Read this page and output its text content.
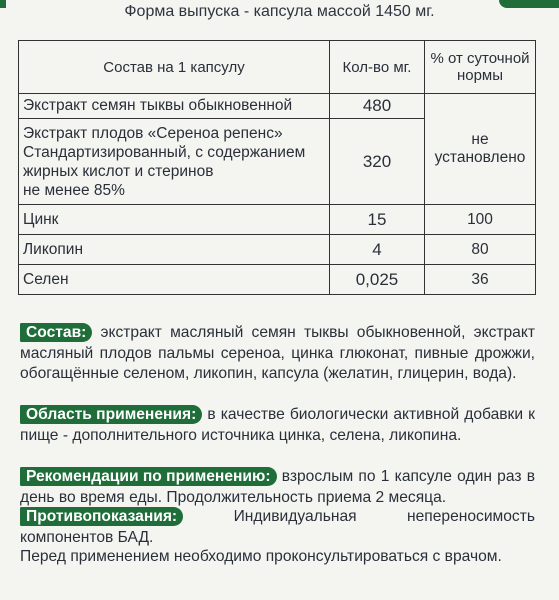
Форма выпуска - капсула массой 1450 мг.
Состав на 1 капсулу	Кол-во мг.	% от суточной нормы
Экстракт семян тыквы обыкновенной	480	не установлено

Экстракт плодов «Сереноа репенс»
Стандартизированный, с содержанием
жирных кислот и стеринов
не менее 85%	320	
Цинк	15	100
Ликопин	4	80
Селен	0,025	36
Состав: экстракт масляный семян тыквы обыкновенной, экстракт масляный плодов пальмы сереноа, цинка глюконат, пивные дрожжи, обогащённые селеном, ликопин, капсула (желатин, глицерин, вода).
Область применения: в качестве биологически активной добавки к пище - дополнительного источника цинка, селена, ликопина.
Рекомендации по применению: взрослым по 1 капсуле один раз в день во время еды. Продолжительность приема 2 месяца.
Противопоказания:	Индивидуальная непереносимость компонентов БАД.
Перед применением необходимо проконсультироваться с врачом.
